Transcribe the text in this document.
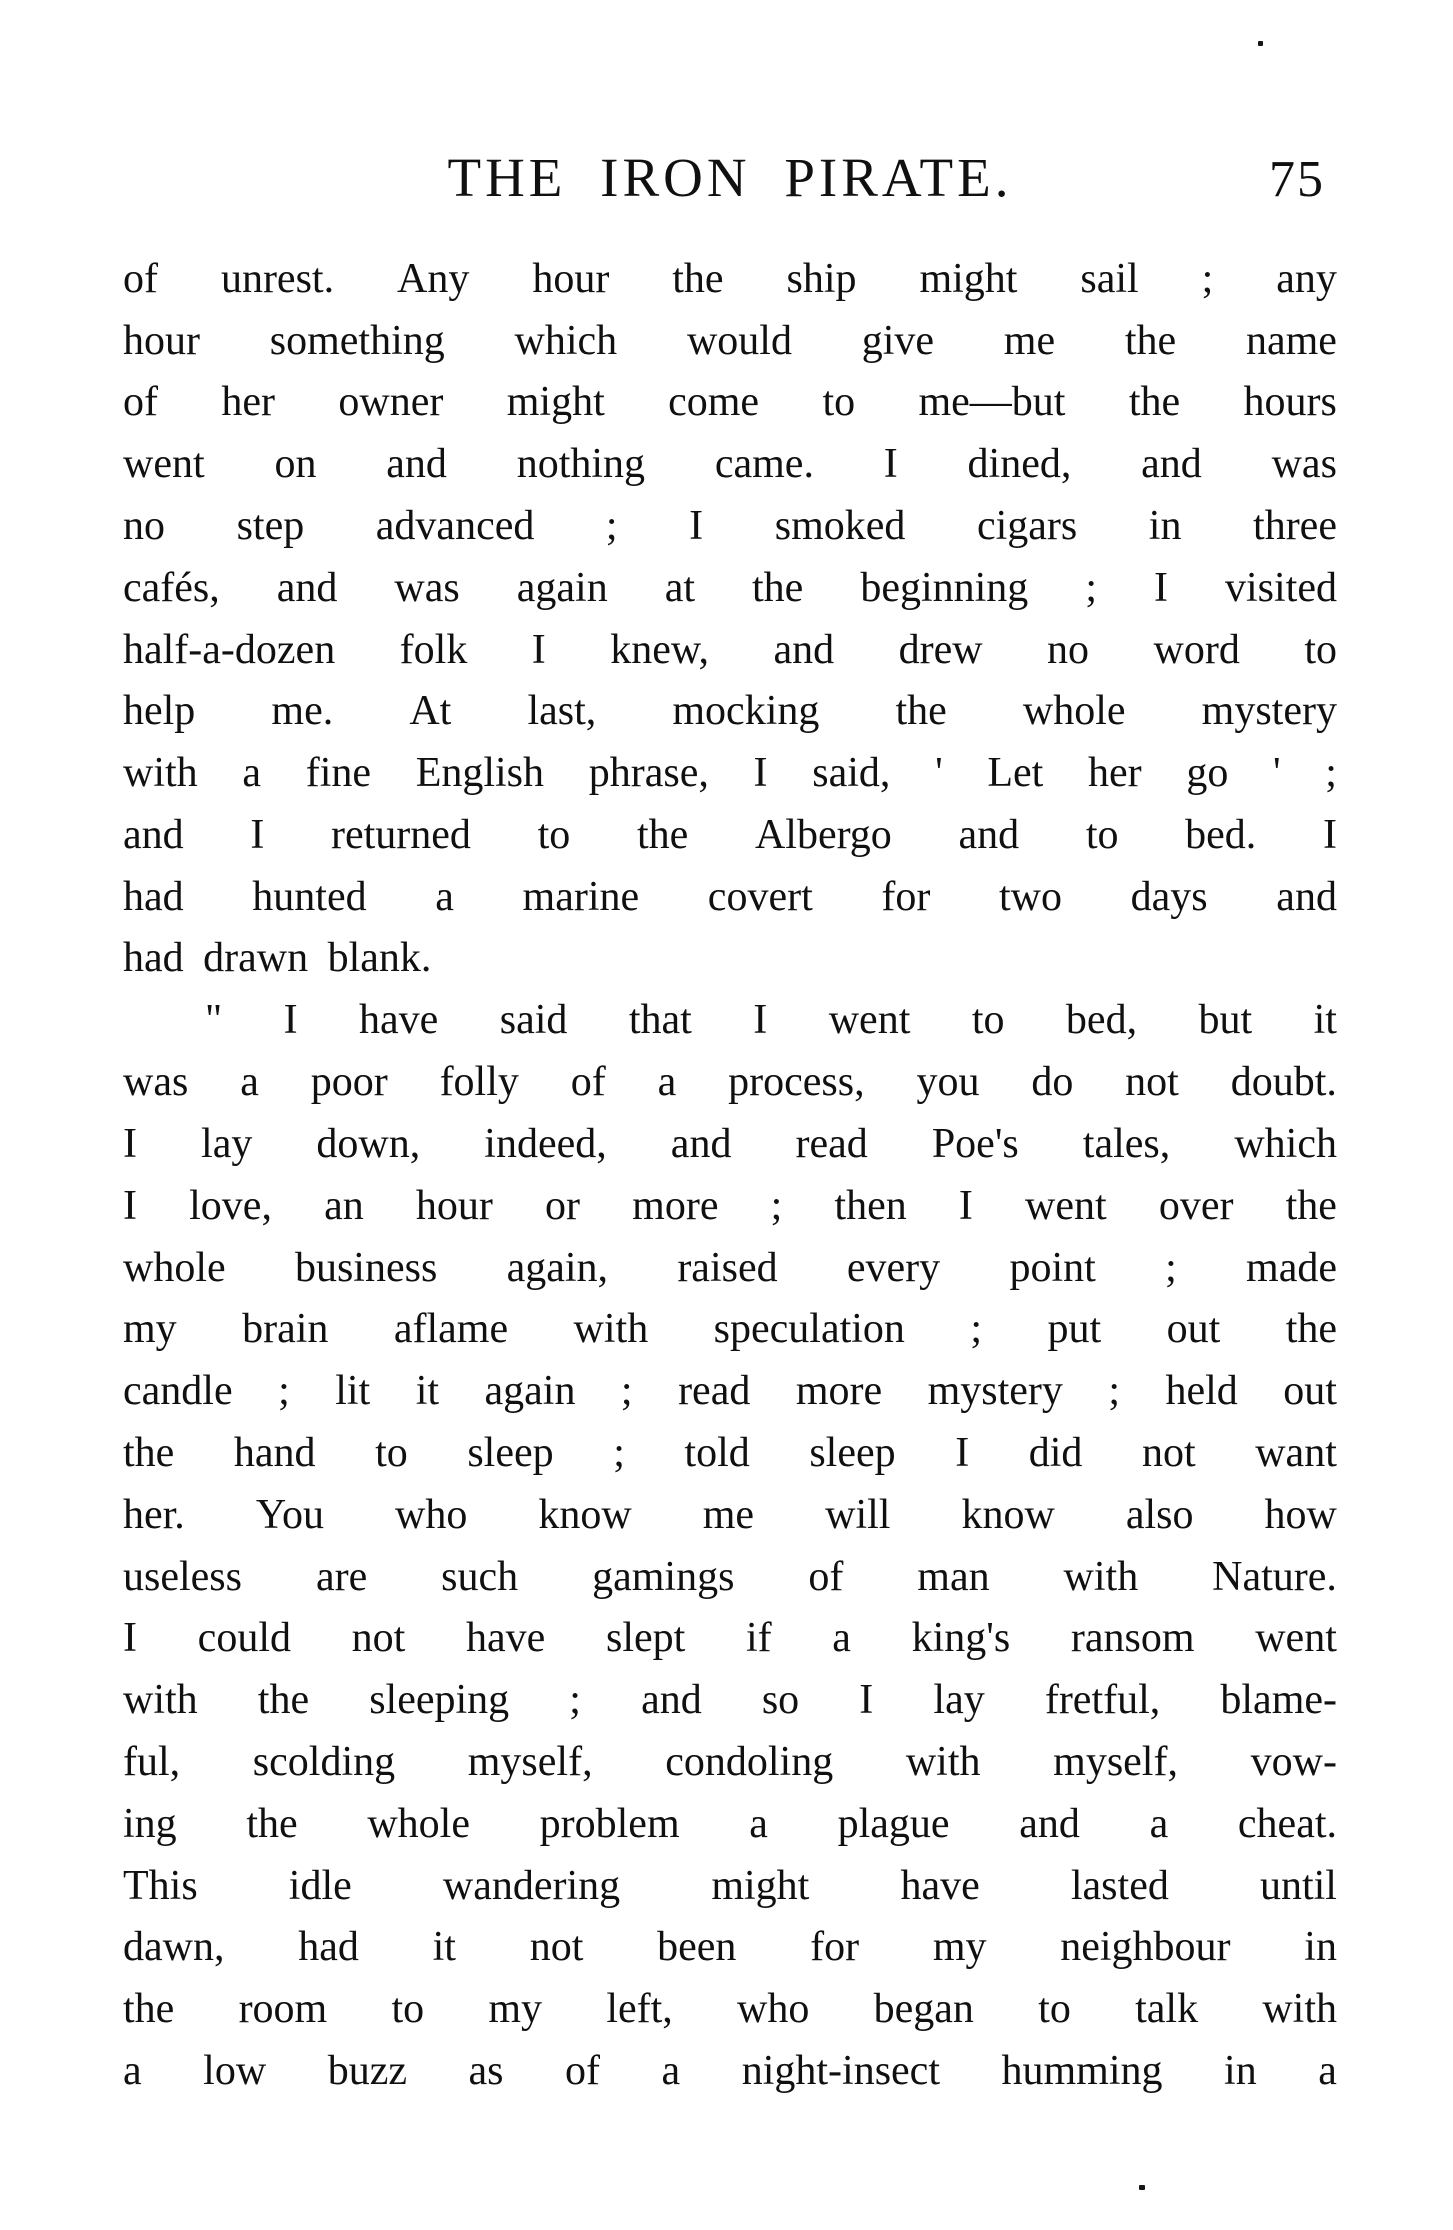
THE IRON PIRATE.	75
of unrest. Any hour the ship might sail ; any
hour something which would give me the name
of her owner might come to me—but the hours
went on and nothing came. I dined, and was
no step advanced ; I smoked cigars in three
cafés, and was again at the beginning ; I visited
half-a-dozen folk I knew, and drew no word to
help me. At last, mocking the whole mystery
with a fine English phrase, I said, ' Let her go ' ;
and I returned to the Albergo and to bed. I
had hunted a marine covert for two days and
had drawn blank.
" I have said that I went to bed, but it
was a poor folly of a process, you do not doubt.
I lay down, indeed, and read Poe's tales, which
I love, an hour or more ; then I went over the
whole business again, raised every point ; made
my brain aflame with speculation ; put out the
candle ; lit it again ; read more mystery ; held out
the hand to sleep ; told sleep I did not want
her. You who know me will know also how
useless are such gamings of man with Nature.
I could not have slept if a king's ransom went
with the sleeping ; and so I lay fretful, blame-
ful, scolding myself, condoling with myself, vow-
ing the whole problem a plague and a cheat.
This idle wandering might have lasted until
dawn, had it not been for my neighbour in
the room to my left, who began to talk with
a low buzz as of a night-insect humming in a
